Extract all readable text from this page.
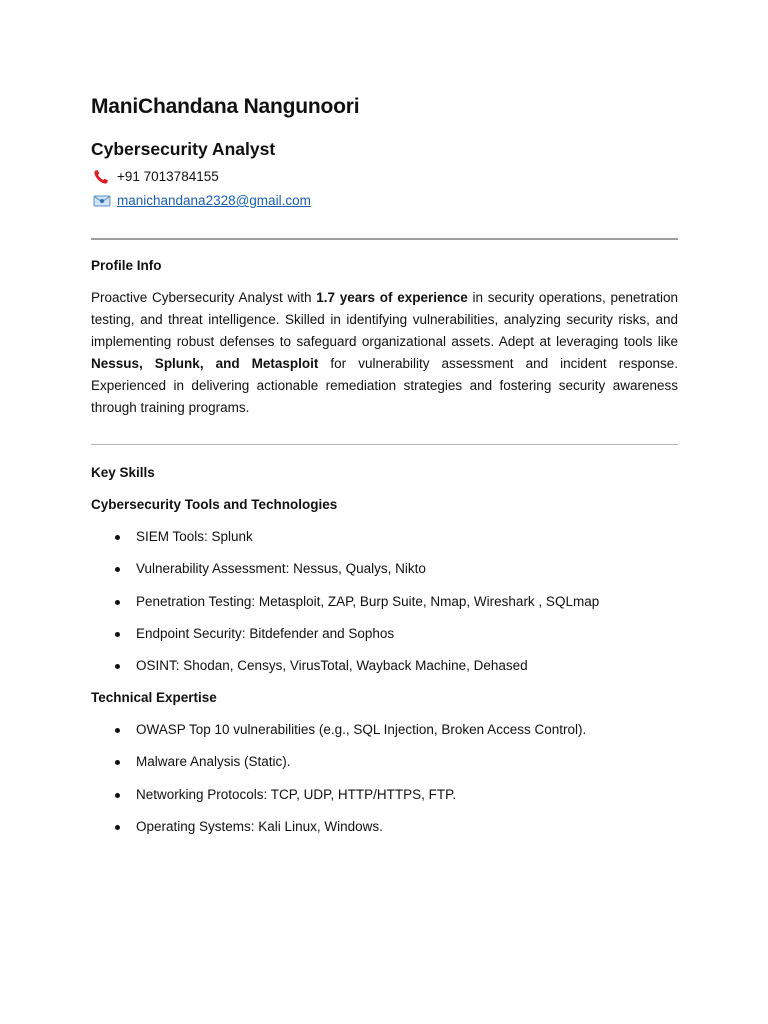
ManiChandana Nangunoori
Cybersecurity Analyst
+91 7013784155
manichandana2328@gmail.com
Profile Info

Proactive Cybersecurity Analyst with 1.7 years of experience in security operations, penetration testing, and threat intelligence. Skilled in identifying vulnerabilities, analyzing security risks, and implementing robust defenses to safeguard organizational assets. Adept at leveraging tools like Nessus, Splunk, and Metasploit for vulnerability assessment and incident response. Experienced in delivering actionable remediation strategies and fostering security awareness through training programs.

Key Skills
Cybersecurity Tools and Technologies
SIEM Tools: Splunk
Vulnerability Assessment: Nessus, Qualys, Nikto
Penetration Testing: Metasploit, ZAP, Burp Suite, Nmap, Wireshark , SQLmap
Endpoint Security: Bitdefender and Sophos
OSINT: Shodan, Censys, VirusTotal, Wayback Machine, Dehased
Technical Expertise
OWASP Top 10 vulnerabilities (e.g., SQL Injection, Broken Access Control).
Malware Analysis (Static).
Networking Protocols: TCP, UDP, HTTP/HTTPS, FTP.
Operating Systems: Kali Linux, Windows.
